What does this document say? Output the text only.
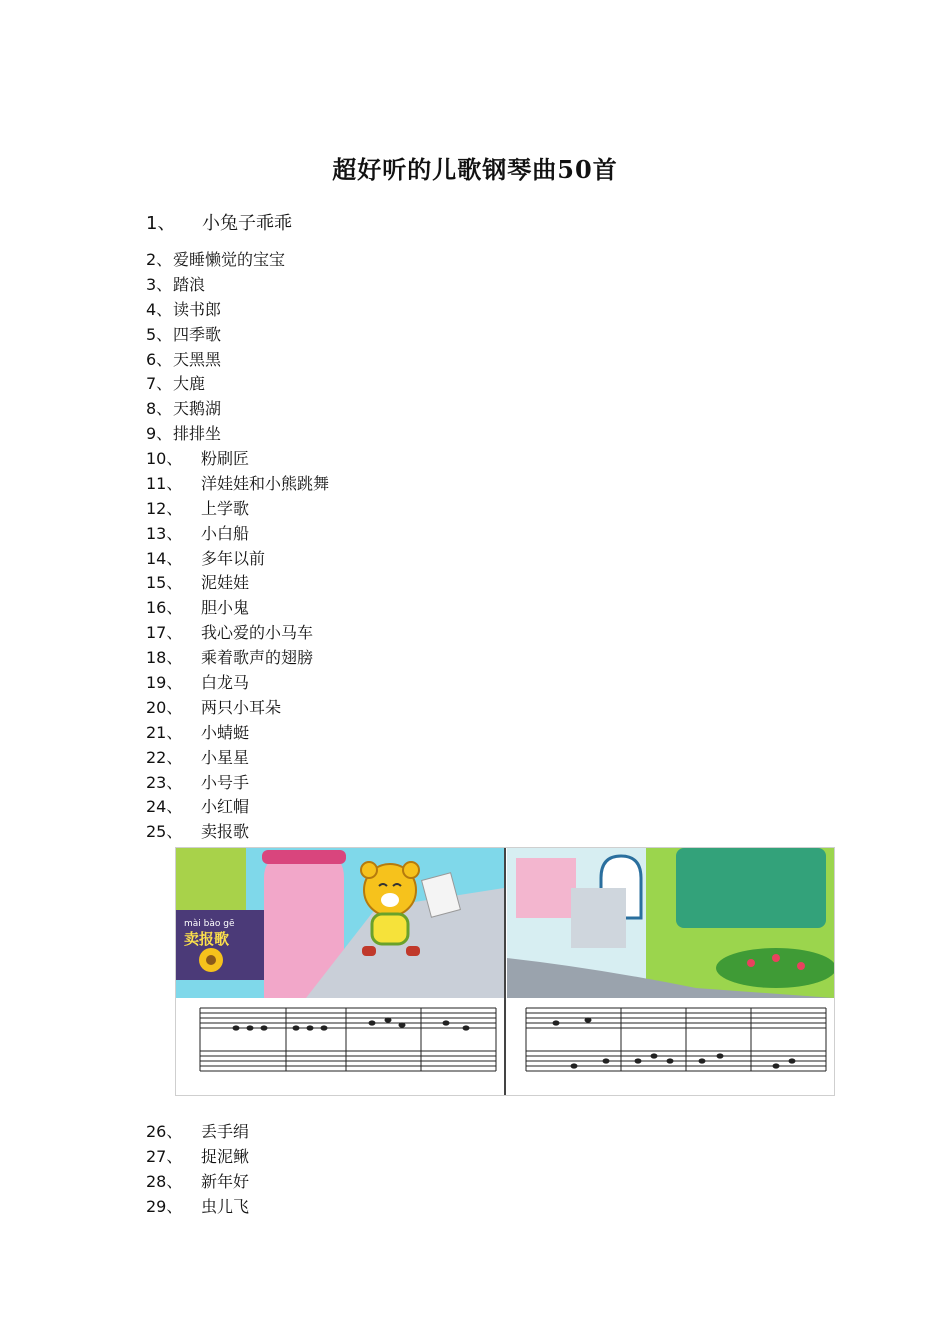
超好听的儿歌钢琴曲50首
1、 小兔子乖乖
2、爱睡懒觉的宝宝
3、踏浪
4、读书郎
5、四季歌
6、天黑黑
7、大鹿
8、天鹅湖
9、排排坐
10、 粉刷匠
11、 洋娃娃和小熊跳舞
12、 上学歌
13、 小白船
14、 多年以前
15、 泥娃娃
16、 胆小鬼
17、 我心爱的小马车
18、 乘着歌声的翅膀
19、 白龙马
20、 两只小耳朵
21、 小蜻蜓
22、 小星星
23、 小号手
24、 小红帽
25、 卖报歌
mài bào gē
卖报歌
26、 丢手绢
27、 捉泥鳅
28、 新年好
29、 虫儿飞
